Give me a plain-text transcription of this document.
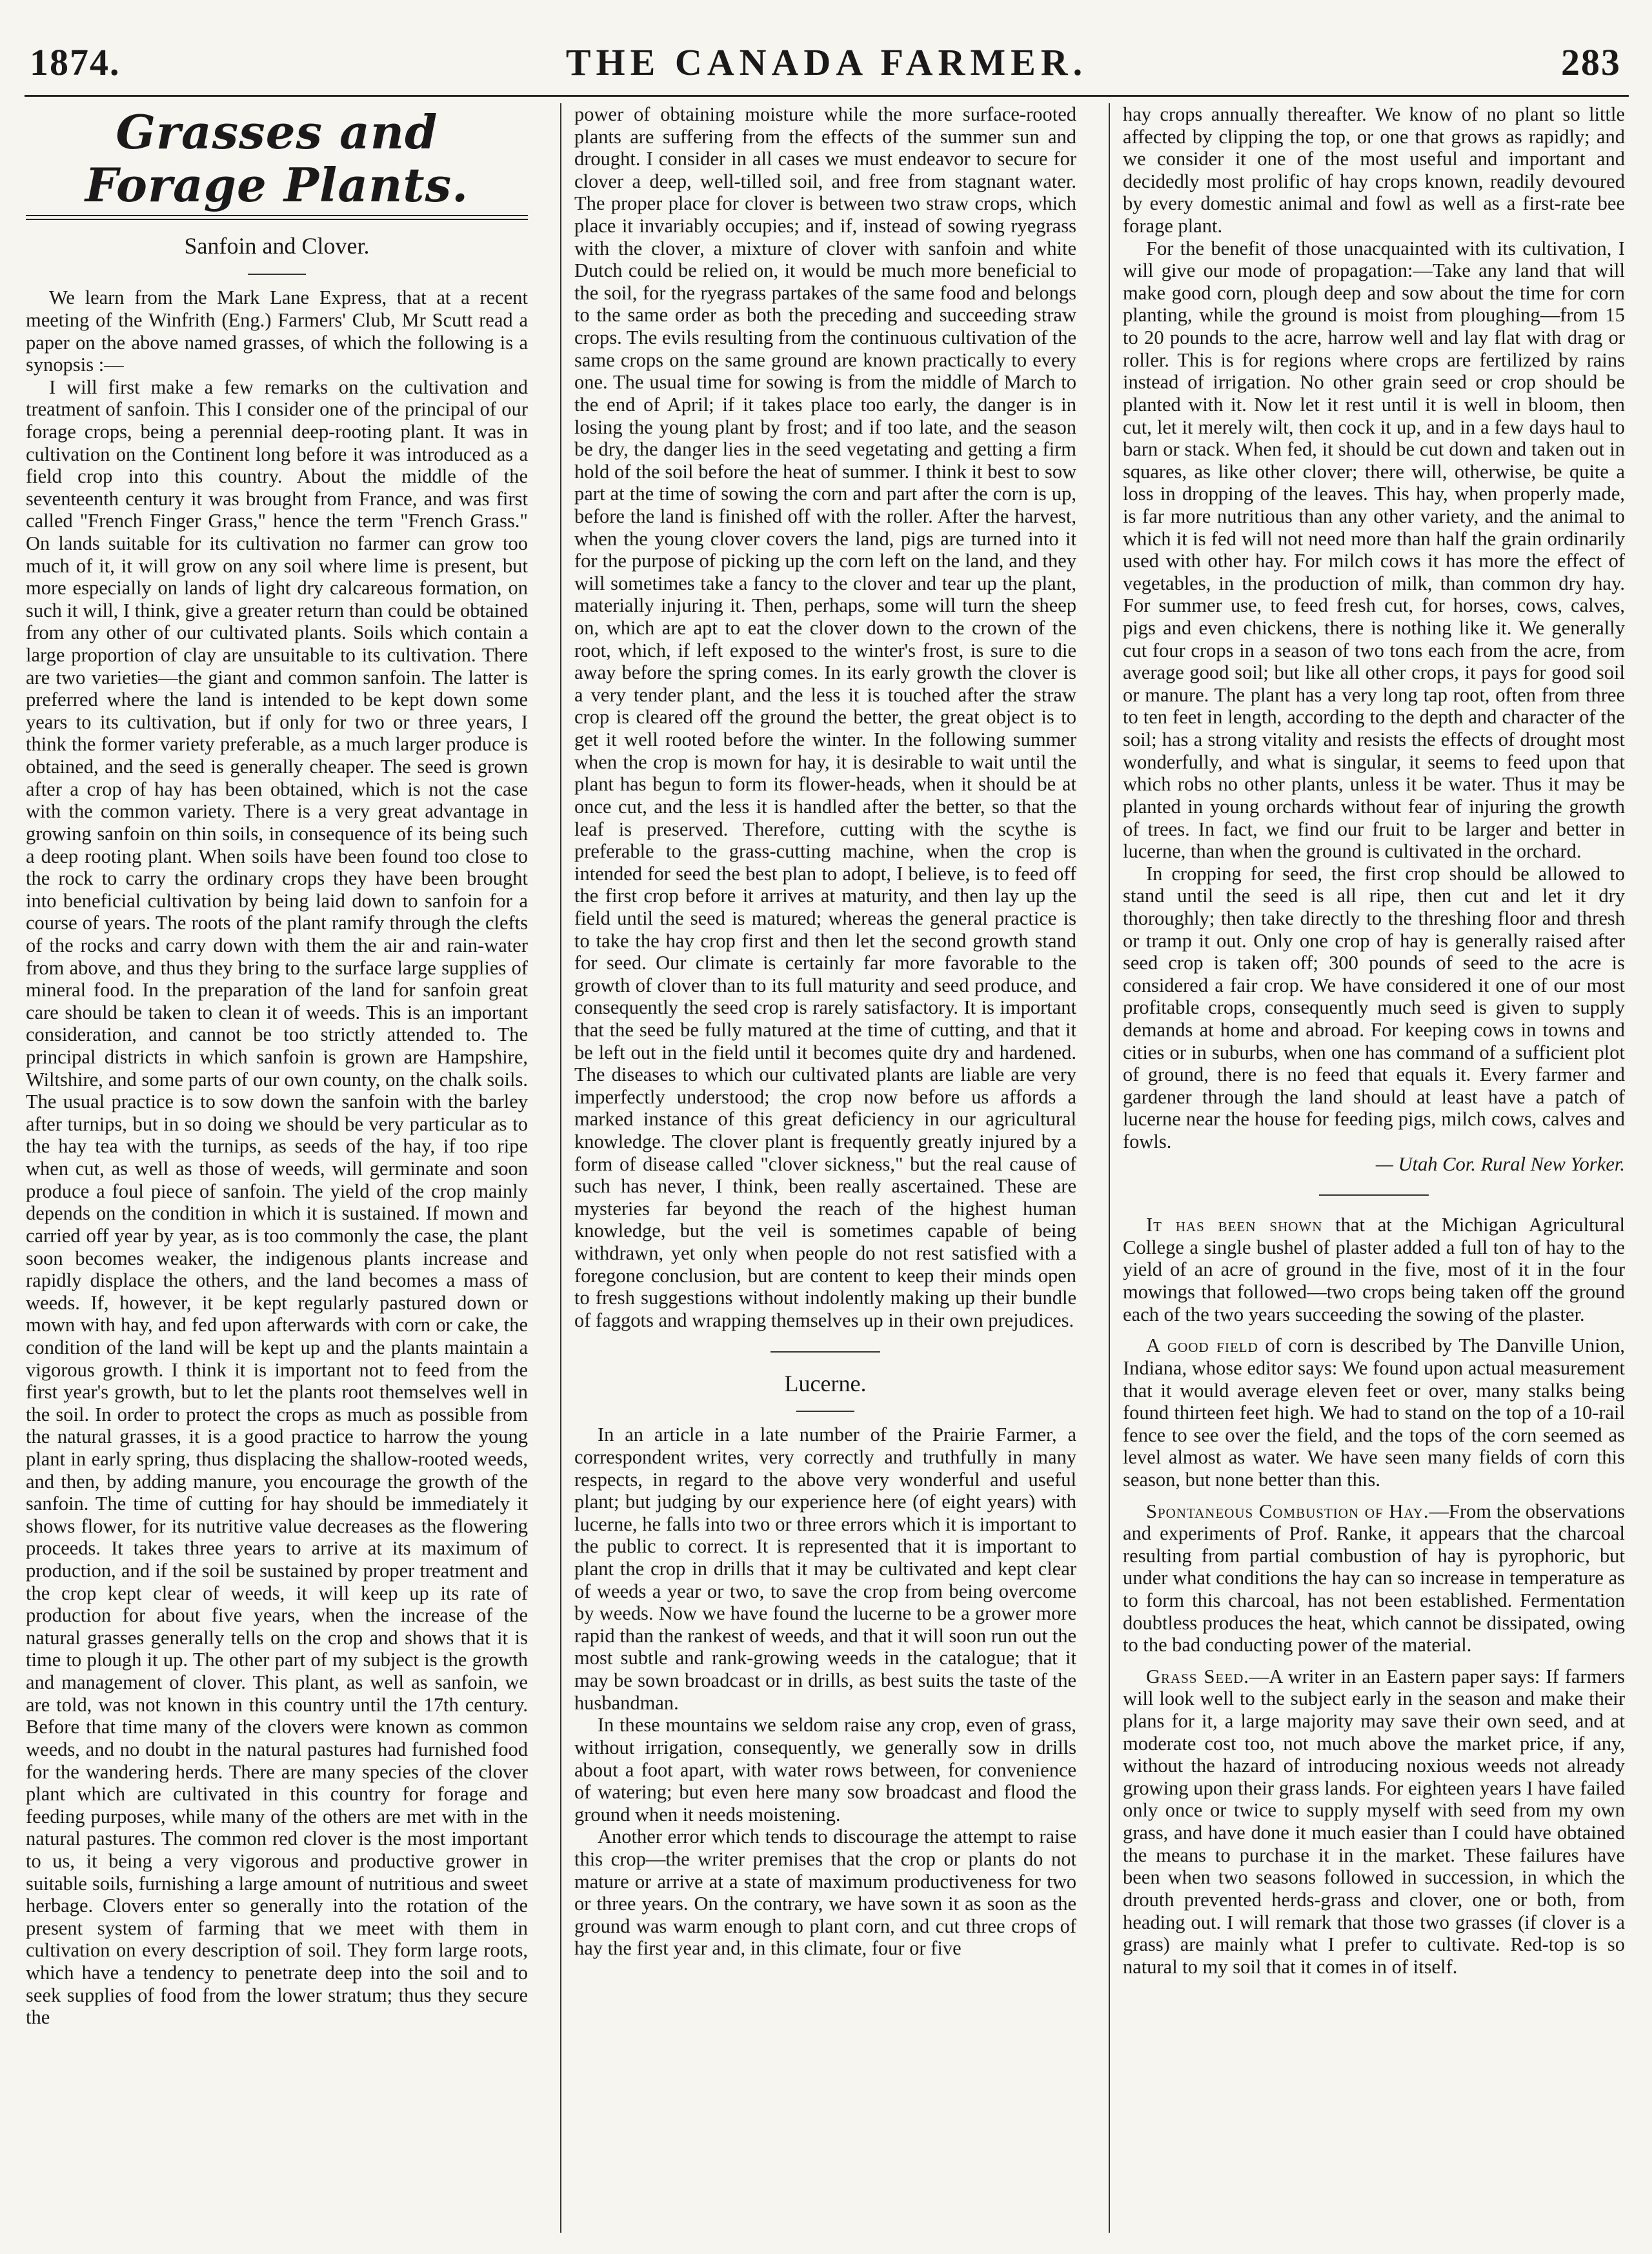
1874.	THE CANADA FARMER.	283
Grasses and Forage Plants.
Sanfoin and Clover.

We learn from the Mark Lane Express, that at a recent meeting of the Winfrith (Eng.) Farmers' Club, Mr Scutt read a paper on the above named grasses, of which the following is a synopsis :—

I will first make a few remarks on the cultivation and treatment of sanfoin. This I consider one of the principal of our forage crops, being a perennial deep-rooting plant. It was in cultivation on the Continent long before it was introduced as a field crop into this country. About the middle of the seventeenth century it was brought from France, and was first called "French Finger Grass," hence the term "French Grass." On lands suitable for its cultivation no farmer can grow too much of it, it will grow on any soil where lime is present, but more especially on lands of light dry calcareous formation, on such it will, I think, give a greater return than could be obtained from any other of our cultivated plants. Soils which contain a large proportion of clay are unsuitable to its cultivation. There are two varieties—the giant and common sanfoin. The latter is preferred where the land is intended to be kept down some years to its cultivation, but if only for two or three years, I think the former variety preferable, as a much larger produce is obtained, and the seed is generally cheaper. The seed is grown after a crop of hay has been obtained, which is not the case with the common variety. There is a very great advantage in growing sanfoin on thin soils, in consequence of its being such a deep rooting plant. When soils have been found too close to the rock to carry the ordinary crops they have been brought into beneficial cultivation by being laid down to sanfoin for a course of years. The roots of the plant ramify through the clefts of the rocks and carry down with them the air and rain-water from above, and thus they bring to the surface large supplies of mineral food. In the preparation of the land for sanfoin great care should be taken to clean it of weeds. This is an important consideration, and cannot be too strictly attended to. The principal districts in which sanfoin is grown are Hampshire, Wiltshire, and some parts of our own county, on the chalk soils. The usual practice is to sow down the sanfoin with the barley after turnips, but in so doing we should be very particular as to the hay tea with the turnips, as seeds of the hay, if too ripe when cut, as well as those of weeds, will germinate and soon produce a foul piece of sanfoin. The yield of the crop mainly depends on the condition in which it is sustained. If mown and carried off year by year, as is too commonly the case, the plant soon becomes weaker, the indigenous plants increase and rapidly displace the others, and the land becomes a mass of weeds. If, however, it be kept regularly pastured down or mown with hay, and fed upon afterwards with corn or cake, the condition of the land will be kept up and the plants maintain a vigorous growth. I think it is important not to feed from the first year's growth, but to let the plants root themselves well in the soil. In order to protect the crops as much as possible from the natural grasses, it is a good practice to harrow the young plant in early spring, thus displacing the shallow-rooted weeds, and then, by adding manure, you encourage the growth of the sanfoin. The time of cutting for hay should be immediately it shows flower, for its nutritive value decreases as the flowering proceeds. It takes three years to arrive at its maximum of production, and if the soil be sustained by proper treatment and the crop kept clear of weeds, it will keep up its rate of production for about five years, when the increase of the natural grasses generally tells on the crop and shows that it is time to plough it up. The other part of my subject is the growth and management of clover. This plant, as well as sanfoin, we are told, was not known in this country until the 17th century. Before that time many of the clovers were known as common weeds, and no doubt in the natural pastures had furnished food for the wandering herds. There are many species of the clover plant which are cultivated in this country for forage and feeding purposes, while many of the others are met with in the natural pastures. The common red clover is the most important to us, it being a very vigorous and productive grower in suitable soils, furnishing a large amount of nutritious and sweet herbage. Clovers enter so generally into the rotation of the present system of farming that we meet with them in cultivation on every description of soil. They form large roots, which have a tendency to penetrate deep into the soil and to seek supplies of food from the lower stratum; thus they secure the

power of obtaining moisture while the more surface-rooted plants are suffering from the effects of the summer sun and drought. I consider in all cases we must endeavor to secure for clover a deep, well-tilled soil, and free from stagnant water. The proper place for clover is between two straw crops, which place it invariably occupies; and if, instead of sowing ryegrass with the clover, a mixture of clover with sanfoin and white Dutch could be relied on, it would be much more beneficial to the soil, for the ryegrass partakes of the same food and belongs to the same order as both the preceding and succeeding straw crops. The evils resulting from the continuous cultivation of the same crops on the same ground are known practically to every one. The usual time for sowing is from the middle of March to the end of April; if it takes place too early, the danger is in losing the young plant by frost; and if too late, and the season be dry, the danger lies in the seed vegetating and getting a firm hold of the soil before the heat of summer. I think it best to sow part at the time of sowing the corn and part after the corn is up, before the land is finished off with the roller. After the harvest, when the young clover covers the land, pigs are turned into it for the purpose of picking up the corn left on the land, and they will sometimes take a fancy to the clover and tear up the plant, materially injuring it. Then, perhaps, some will turn the sheep on, which are apt to eat the clover down to the crown of the root, which, if left exposed to the winter's frost, is sure to die away before the spring comes. In its early growth the clover is a very tender plant, and the less it is touched after the straw crop is cleared off the ground the better, the great object is to get it well rooted before the winter. In the following summer when the crop is mown for hay, it is desirable to wait until the plant has begun to form its flower-heads, when it should be at once cut, and the less it is handled after the better, so that the leaf is preserved. Therefore, cutting with the scythe is preferable to the grass-cutting machine, when the crop is intended for seed the best plan to adopt, I believe, is to feed off the first crop before it arrives at maturity, and then lay up the field until the seed is matured; whereas the general practice is to take the hay crop first and then let the second growth stand for seed. Our climate is certainly far more favorable to the growth of clover than to its full maturity and seed produce, and consequently the seed crop is rarely satisfactory. It is important that the seed be fully matured at the time of cutting, and that it be left out in the field until it becomes quite dry and hardened. The diseases to which our cultivated plants are liable are very imperfectly understood; the crop now before us affords a marked instance of this great deficiency in our agricultural knowledge. The clover plant is frequently greatly injured by a form of disease called "clover sickness," but the real cause of such has never, I think, been really ascertained. These are mysteries far beyond the reach of the highest human knowledge, but the veil is sometimes capable of being withdrawn, yet only when people do not rest satisfied with a foregone conclusion, but are content to keep their minds open to fresh suggestions without indolently making up their bundle of faggots and wrapping themselves up in their own prejudices.

Lucerne.

In an article in a late number of the Prairie Farmer, a correspondent writes, very correctly and truthfully in many respects, in regard to the above very wonderful and useful plant; but judging by our experience here (of eight years) with lucerne, he falls into two or three errors which it is important to the public to correct. It is represented that it is important to plant the crop in drills that it may be cultivated and kept clear of weeds a year or two, to save the crop from being overcome by weeds. Now we have found the lucerne to be a grower more rapid than the rankest of weeds, and that it will soon run out the most subtle and rank-growing weeds in the catalogue; that it may be sown broadcast or in drills, as best suits the taste of the husbandman.

In these mountains we seldom raise any crop, even of grass, without irrigation, consequently, we generally sow in drills about a foot apart, with water rows between, for convenience of watering; but even here many sow broadcast and flood the ground when it needs moistening.

Another error which tends to discourage the attempt to raise this crop—the writer premises that the crop or plants do not mature or arrive at a state of maximum productiveness for two or three years. On the contrary, we have sown it as soon as the ground was warm enough to plant corn, and cut three crops of hay the first year and, in this climate, four or five

hay crops annually thereafter. We know of no plant so little affected by clipping the top, or one that grows as rapidly; and we consider it one of the most useful and important and decidedly most prolific of hay crops known, readily devoured by every domestic animal and fowl as well as a first-rate bee forage plant.

For the benefit of those unacquainted with its cultivation, I will give our mode of propagation:—Take any land that will make good corn, plough deep and sow about the time for corn planting, while the ground is moist from ploughing—from 15 to 20 pounds to the acre, harrow well and lay flat with drag or roller. This is for regions where crops are fertilized by rains instead of irrigation. No other grain seed or crop should be planted with it. Now let it rest until it is well in bloom, then cut, let it merely wilt, then cock it up, and in a few days haul to barn or stack. When fed, it should be cut down and taken out in squares, as like other clover; there will, otherwise, be quite a loss in dropping of the leaves. This hay, when properly made, is far more nutritious than any other variety, and the animal to which it is fed will not need more than half the grain ordinarily used with other hay. For milch cows it has more the effect of vegetables, in the production of milk, than common dry hay. For summer use, to feed fresh cut, for horses, cows, calves, pigs and even chickens, there is nothing like it. We generally cut four crops in a season of two tons each from the acre, from average good soil; but like all other crops, it pays for good soil or manure. The plant has a very long tap root, often from three to ten feet in length, according to the depth and character of the soil; has a strong vitality and resists the effects of drought most wonderfully, and what is singular, it seems to feed upon that which robs no other plants, unless it be water. Thus it may be planted in young orchards without fear of injuring the growth of trees. In fact, we find our fruit to be larger and better in lucerne, than when the ground is cultivated in the orchard.

In cropping for seed, the first crop should be allowed to stand until the seed is all ripe, then cut and let it dry thoroughly; then take directly to the threshing floor and thresh or tramp it out. Only one crop of hay is generally raised after seed crop is taken off; 300 pounds of seed to the acre is considered a fair crop. We have considered it one of our most profitable crops, consequently much seed is given to supply demands at home and abroad. For keeping cows in towns and cities or in suburbs, when one has command of a sufficient plot of ground, there is no feed that equals it. Every farmer and gardener through the land should at least have a patch of lucerne near the house for feeding pigs, milch cows, calves and fowls.

— Utah Cor. Rural New Yorker.

It has been shown that at the Michigan Agricultural College a single bushel of plaster added a full ton of hay to the yield of an acre of ground in the five, most of it in the four mowings that followed—two crops being taken off the ground each of the two years succeeding the sowing of the plaster.

A good field of corn is described by The Danville Union, Indiana, whose editor says: We found upon actual measurement that it would average eleven feet or over, many stalks being found thirteen feet high. We had to stand on the top of a 10-rail fence to see over the field, and the tops of the corn seemed as level almost as water. We have seen many fields of corn this season, but none better than this.

Spontaneous Combustion of Hay.—From the observations and experiments of Prof. Ranke, it appears that the charcoal resulting from partial combustion of hay is pyrophoric, but under what conditions the hay can so increase in temperature as to form this charcoal, has not been established. Fermentation doubtless produces the heat, which cannot be dissipated, owing to the bad conducting power of the material.

Grass Seed.—A writer in an Eastern paper says: If farmers will look well to the subject early in the season and make their plans for it, a large majority may save their own seed, and at moderate cost too, not much above the market price, if any, without the hazard of introducing noxious weeds not already growing upon their grass lands. For eighteen years I have failed only once or twice to supply myself with seed from my own grass, and have done it much easier than I could have obtained the means to purchase it in the market. These failures have been when two seasons followed in succession, in which the drouth prevented herds-grass and clover, one or both, from heading out. I will remark that those two grasses (if clover is a grass) are mainly what I prefer to cultivate. Red-top is so natural to my soil that it comes in of itself.
